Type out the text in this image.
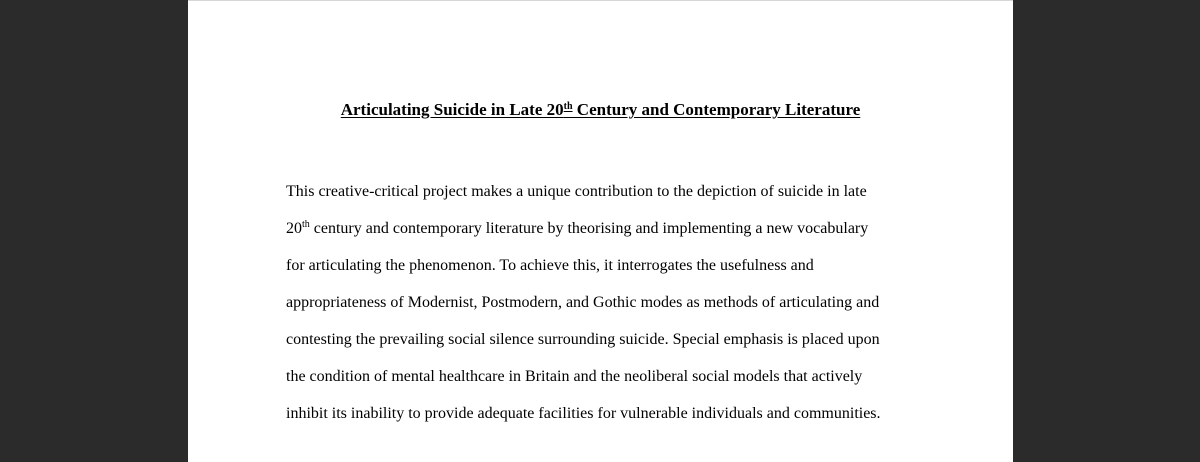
Articulating Suicide in Late 20th Century and Contemporary Literature
This creative-critical project makes a unique contribution to the depiction of suicide in late
20th century and contemporary literature by theorising and implementing a new vocabulary
for articulating the phenomenon. To achieve this, it interrogates the usefulness and
appropriateness of Modernist, Postmodern, and Gothic modes as methods of articulating and
contesting the prevailing social silence surrounding suicide. Special emphasis is placed upon
the condition of mental healthcare in Britain and the neoliberal social models that actively
inhibit its inability to provide adequate facilities for vulnerable individuals and communities.
